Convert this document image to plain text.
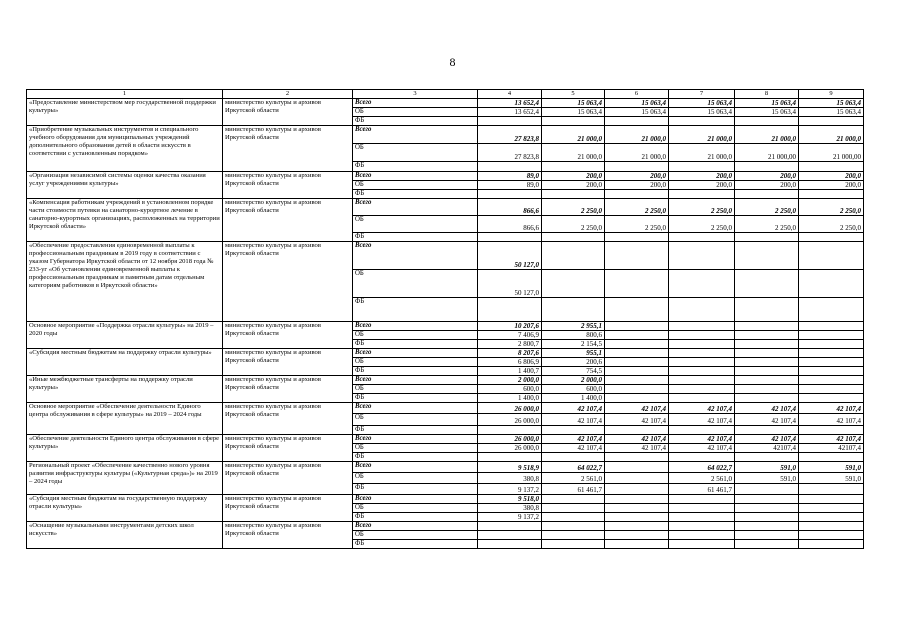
8
1	2	3	4	5	6	7	8	9
«Предоставление министерством мер государственной поддержки культуры»	министерство культуры и архивов Иркутской области	Всего	13 652,4	15 063,4	15 063,4	15 063,4	15 063,4	15 063,4
		ОБ	13 652,4	15 063,4	15 063,4	15 063,4	15 063,4	15 063,4
		ФБ						
«Приобретение музыкальных инструментов и специального учебного оборудования для муниципальных учреждений дополнительного образования детей в области искусств в соответствии с установленным порядком»	министерство культуры и архивов Иркутской области	Всего	27 823,8	21 000,0	21 000,0	21 000,0	21 000,0	21 000,0
		ОБ	27 823,8	21 000,0	21 000,0	21 000,0	21 000,00	21 000,00
		ФБ						
«Организация независимой системы оценки качества оказания услуг учреждениями культуры»	министерство культуры и архивов Иркутской области	Всего	89,0	200,0	200,0	200,0	200,0	200,0
		ОБ	89,0	200,0	200,0	200,0	200,0	200,0
		ФБ						
«Компенсация работникам учреждений в установленном порядке части стоимости путевки на санаторно-курортное лечение в санаторно-курортных организациях, расположенных на территории Иркутской области»	министерство культуры и архивов Иркутской области	Всего	866,6	2 250,0	2 250,0	2 250,0	2 250,0	2 250,0
		ОБ	866,6	2 250,0	2 250,0	2 250,0	2 250,0	2 250,0
		ФБ						
«Обеспечение предоставления единовременной выплаты к профессиональным праздникам в 2019 году в соответствии с указом Губернатора Иркутской области от 12 ноября 2018 года № 233-уг «Об установлении единовременной выплаты к профессиональным праздникам и памятным датам отдельным категориям работников в Иркутской области»	министерство культуры и архивов Иркутской области	Всего	50 127,0					
		ОБ	50 127,0					
		ФБ						
Основное мероприятие «Поддержка отрасли культуры» на 2019 – 2020 годы	министерство культуры и архивов Иркутской области	Всего	10 207,6	2 955,1				
		ОБ	7 406,9	800,6				
		ФБ	2 800,7	2 154,5				
«Субсидия местным бюджетам на поддержку отрасли культуры»	министерство культуры и архивов Иркутской области	Всего	8 207,6	955,1				
		ОБ	6 806,9	200,6				
		ФБ	1 400,7	754,5				
«Иные межбюджетные трансферты на поддержку отрасли культуры»	министерство культуры и архивов Иркутской области	Всего	2 000,0	2 000,0				
		ОБ	600,0	600,0				
		ФБ	1 400,0	1 400,0				
Основное мероприятие «Обеспечение деятельности Единого центра обслуживания в сфере культуры» на 2019 – 2024 годы	министерство культуры и архивов Иркутской области	Всего	26 000,0	42 107,4	42 107,4	42 107,4	42 107,4	42 107,4
		ОБ	26 000,0	42 107,4	42 107,4	42 107,4	42 107,4	42 107,4
		ФБ						
«Обеспечение деятельности Единого центра обслуживания в сфере культуры»	министерство культуры и архивов Иркутской области	Всего	26 000,0	42 107,4	42 107,4	42 107,4	42 107,4	42 107,4
		ОБ	26 000,0	42 107,4	42 107,4	42 107,4	42107,4	42107,4
		ФБ						
Региональный проект «Обеспечение качественно нового уровня развития инфраструктуры культуры («Культурная среда»)» на 2019 – 2024 годы	министерство культуры и архивов Иркутской области	Всего	9 518,9	64 022,7		64 022,7	591,0	591,0
		ОБ	380,8	2 561,0		2 561,0	591,0	591,0
		ФБ	9 137,2	61 461,7		61 461,7		
«Субсидия местным бюджетам на государственную поддержку отрасли культуры»	министерство культуры и архивов Иркутской области	Всего	9 518,0					
		ОБ	380,8					
		ФБ	9 137,2					
«Оснащение музыкальными инструментами детских школ искусств»	министерство культуры и архивов Иркутской области	Всего						
		ОБ						
		ФБ						
